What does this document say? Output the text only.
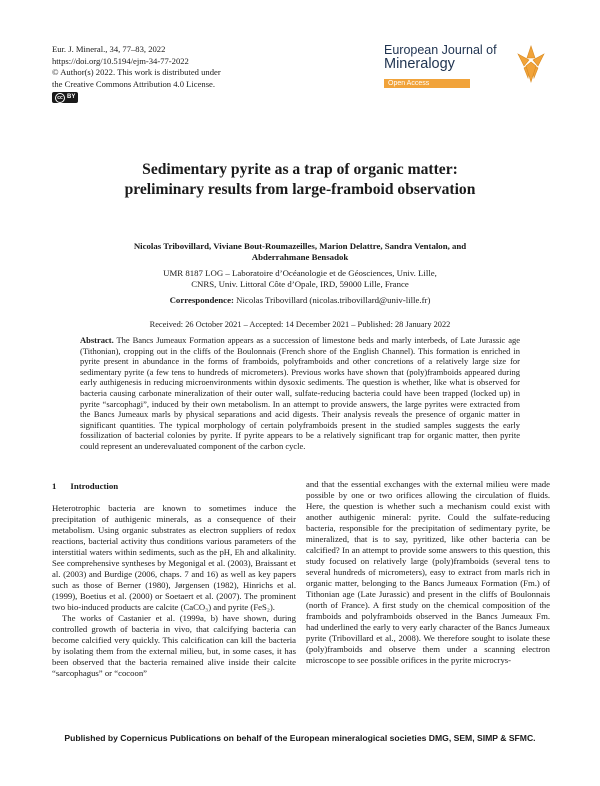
Eur. J. Mineral., 34, 77–83, 2022
https://doi.org/10.5194/ejm-34-77-2022
© Author(s) 2022. This work is distributed under
the Creative Commons Attribution 4.0 License.
cc BY
European Journal of
Mineralogy
Open Access
Sedimentary pyrite as a trap of organic matter:
preliminary results from large-framboid observation
Nicolas Tribovillard, Viviane Bout-Roumazeilles, Marion Delattre, Sandra Ventalon, and
Abderrahmane Bensadok
UMR 8187 LOG – Laboratoire d’Océanologie et de Géosciences, Univ. Lille,
CNRS, Univ. Littoral Côte d’Opale, IRD, 59000 Lille, France
Correspondence: Nicolas Tribovillard (nicolas.tribovillard@univ-lille.fr)
Received: 26 October 2021 – Accepted: 14 December 2021 – Published: 28 January 2022
Abstract. The Bancs Jumeaux Formation appears as a succession of limestone beds and marly interbeds, of Late Jurassic age (Tithonian), cropping out in the cliffs of the Boulonnais (French shore of the English Channel). This formation is enriched in pyrite present in abundance in the forms of framboids, polyframboids and other concretions of a relatively large size for sedimentary pyrite (a few tens to hundreds of micrometers). Previous works have shown that (poly)framboids appeared during early authigenesis in reducing microenvironments within dysoxic sediments. The question is whether, like what is observed for bacteria causing carbonate mineralization of their outer wall, sulfate-reducing bacteria could have been trapped (locked up) in pyrite “sarcophagi”, induced by their own metabolism. In an attempt to provide answers, the large pyrites were extracted from the Bancs Jumeaux marls by physical separations and acid digests. Their analysis reveals the presence of organic matter in significant quantities. The typical morphology of certain polyframboids present in the studied samples suggests the early fossilization of bacterial colonies by pyrite. If pyrite appears to be a relatively significant trap for organic matter, then pyrite could represent an underevaluated component of the carbon cycle.
1 Introduction

Heterotrophic bacteria are known to sometimes induce the precipitation of authigenic minerals, as a consequence of their metabolism. Using organic substrates as electron suppliers of redox reactions, bacterial activity thus conditions various parameters of the interstitial waters within sediments, such as the pH, Eh and alkalinity. See comprehensive syntheses by Megonigal et al. (2003), Braissant et al. (2003) and Burdige (2006, chaps. 7 and 16) as well as key papers such as those of Berner (1980), Jørgensen (1982), Hinrichs et al. (1999), Boetius et al. (2000) or Soetaert et al. (2007). The prominent two bio-induced products are calcite (CaCO₃) and pyrite (FeS₂).

The works of Castanier et al. (1999a, b) have shown, during controlled growth of bacteria in vivo, that calcifying bacteria can become calcified very quickly. This calcification can kill the bacteria by isolating them from the external milieu, but, in some cases, it has been observed that the bacteria remained alive inside their calcite “sarcophagus” or “cocoon”

and that the essential exchanges with the external milieu were made possible by one or two orifices allowing the circulation of fluids. Here, the question is whether such a mechanism could exist with another authigenic mineral: pyrite. Could the sulfate-reducing bacteria, responsible for the precipitation of sedimentary pyrite, be mineralized, that is to say, pyritized, like other bacteria can be calcified? In an attempt to provide some answers to this question, this study focused on relatively large (poly)framboids (several tens to several hundreds of micrometers), easy to extract from marls rich in organic matter, belonging to the Bancs Jumeaux Formation (Fm.) of Tithonian age (Late Jurassic) and present in the cliffs of Boulonnais (north of France). A first study on the chemical composition of the framboids and polyframboids observed in the Bancs Jumeaux Fm. had underlined the early to very early character of the Bancs Jumeaux pyrite (Tribovillard et al., 2008). We therefore sought to isolate these (poly)framboids and observe them under a scanning electron microscope to see possible orifices in the pyrite microcrys-

Published by Copernicus Publications on behalf of the European mineralogical societies DMG, SEM, SIMP & SFMC.
